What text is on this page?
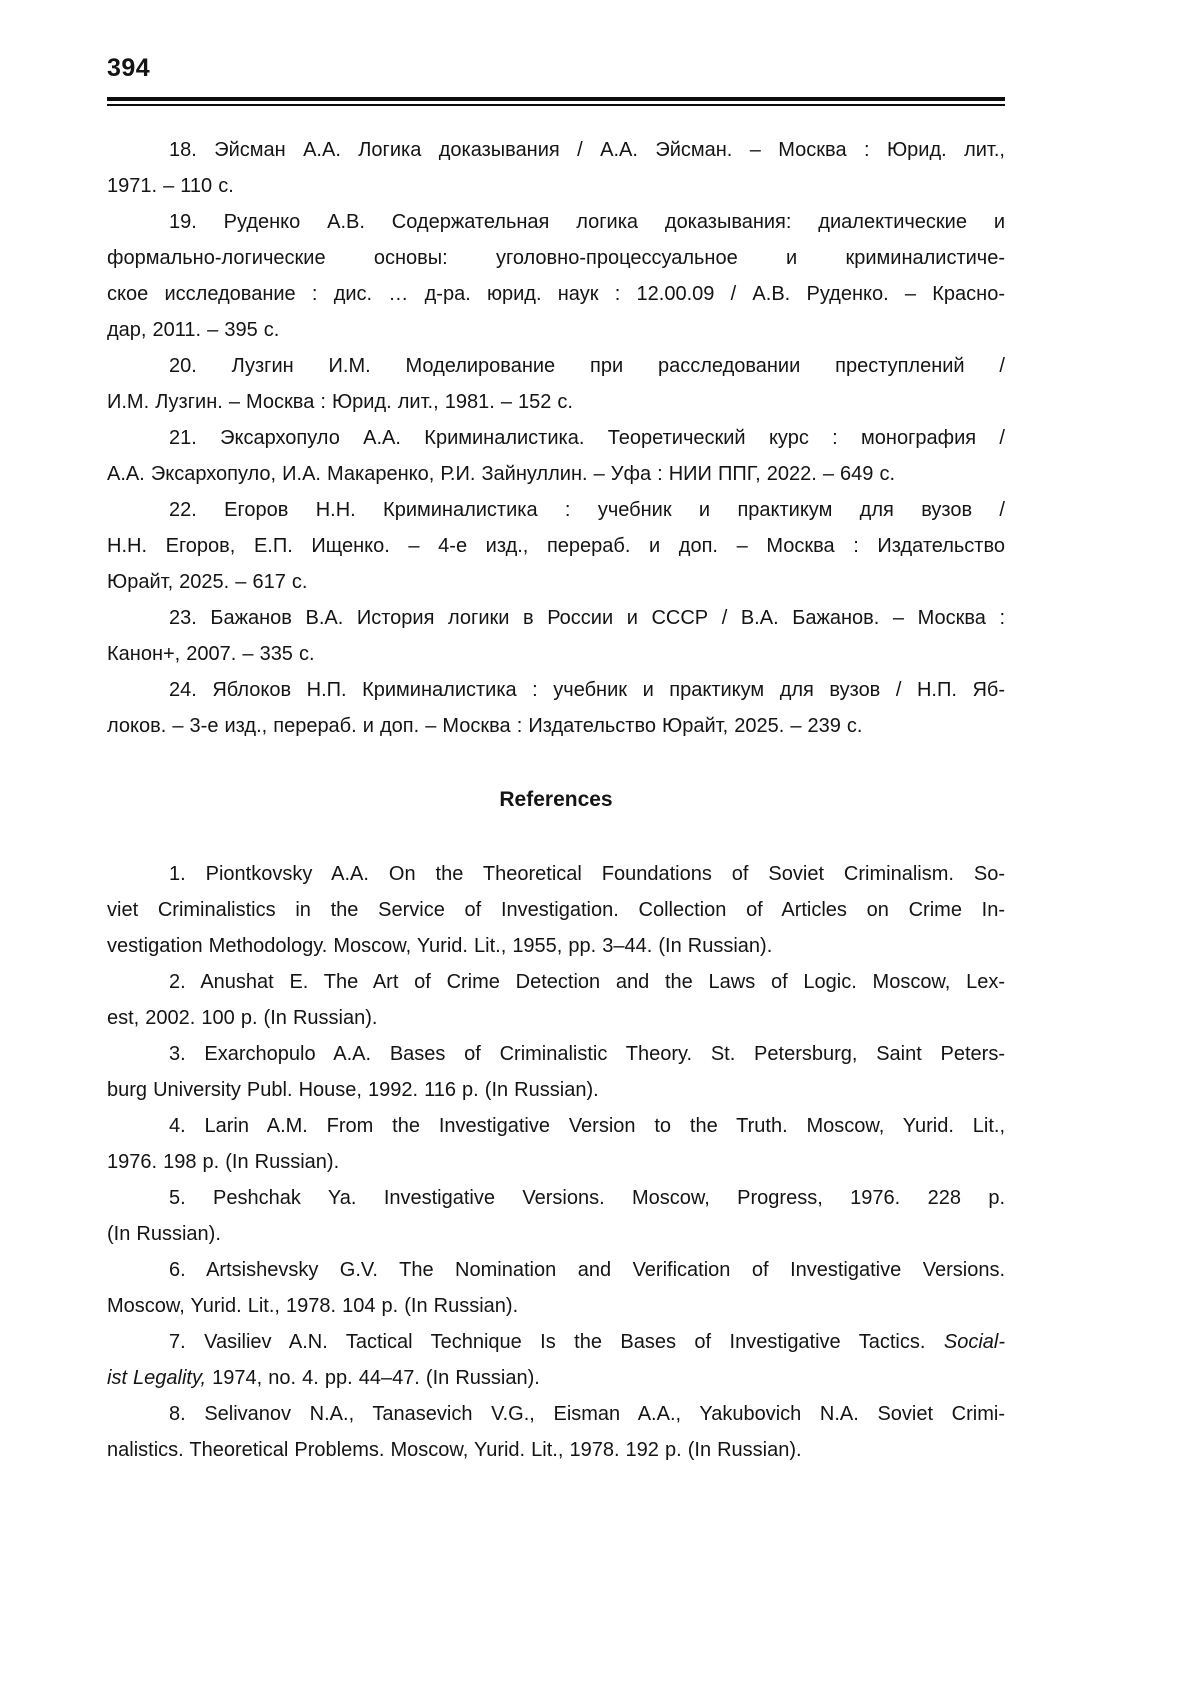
394
18. Эйсман А.А. Логика доказывания / А.А. Эйсман. – Москва : Юрид. лит.,
1971. – 110 с.
19. Руденко А.В. Содержательная логика доказывания: диалектические и
формально-логические основы: уголовно-процессуальное и криминалистиче-
ское исследование : дис. … д-ра. юрид. наук : 12.00.09 / А.В. Руденко. – Красно-
дар, 2011. – 395 с.
20. Лузгин И.М. Моделирование при расследовании преступлений /
И.М. Лузгин. – Москва : Юрид. лит., 1981. – 152 с.
21. Эксархопуло А.А. Криминалистика. Теоретический курс : монография /
А.А. Эксархопуло, И.А. Макаренко, Р.И. Зайнуллин. – Уфа : НИИ ППГ, 2022. – 649 с.
22. Егоров Н.Н. Криминалистика : учебник и практикум для вузов /
Н.Н. Егоров, Е.П. Ищенко. – 4-е изд., перераб. и доп. – Москва : Издательство
Юрайт, 2025. – 617 с.
23. Бажанов В.А. История логики в России и СССР / В.А. Бажанов. – Москва :
Канон+, 2007. – 335 с.
24. Яблоков Н.П. Криминалистика : учебник и практикум для вузов / Н.П. Яб-
локов. – 3-е изд., перераб. и доп. – Москва : Издательство Юрайт, 2025. – 239 с.
References
1. Piontkovsky A.A. On the Theoretical Foundations of Soviet Criminalism. So-
viet Criminalistics in the Service of Investigation. Collection of Articles on Crime In-
vestigation Methodology. Moscow, Yurid. Lit., 1955, pp. 3–44. (In Russian).
2. Anushat E. The Art of Crime Detection and the Laws of Logic. Moscow, Lex-
est, 2002. 100 p. (In Russian).
3. Exarchopulo A.A. Bases of Criminalistic Theory. St. Petersburg, Saint Peters-
burg University Publ. House, 1992. 116 p. (In Russian).
4. Larin A.M. From the Investigative Version to the Truth. Moscow, Yurid. Lit.,
1976. 198 p. (In Russian).
5. Peshchak Ya. Investigative Versions. Moscow, Progress, 1976. 228 p.
(In Russian).
6. Artsishevsky G.V. The Nomination and Verification of Investigative Versions.
Moscow, Yurid. Lit., 1978. 104 p. (In Russian).
7. Vasiliev A.N. Tactical Technique Is the Bases of Investigative Tactics. Social-
ist Legality, 1974, no. 4. pp. 44–47. (In Russian).
8. Selivanov N.A., Tanasevich V.G., Eisman A.A., Yakubovich N.A. Soviet Crimi-
nalistics. Theoretical Problems. Moscow, Yurid. Lit., 1978. 192 p. (In Russian).
